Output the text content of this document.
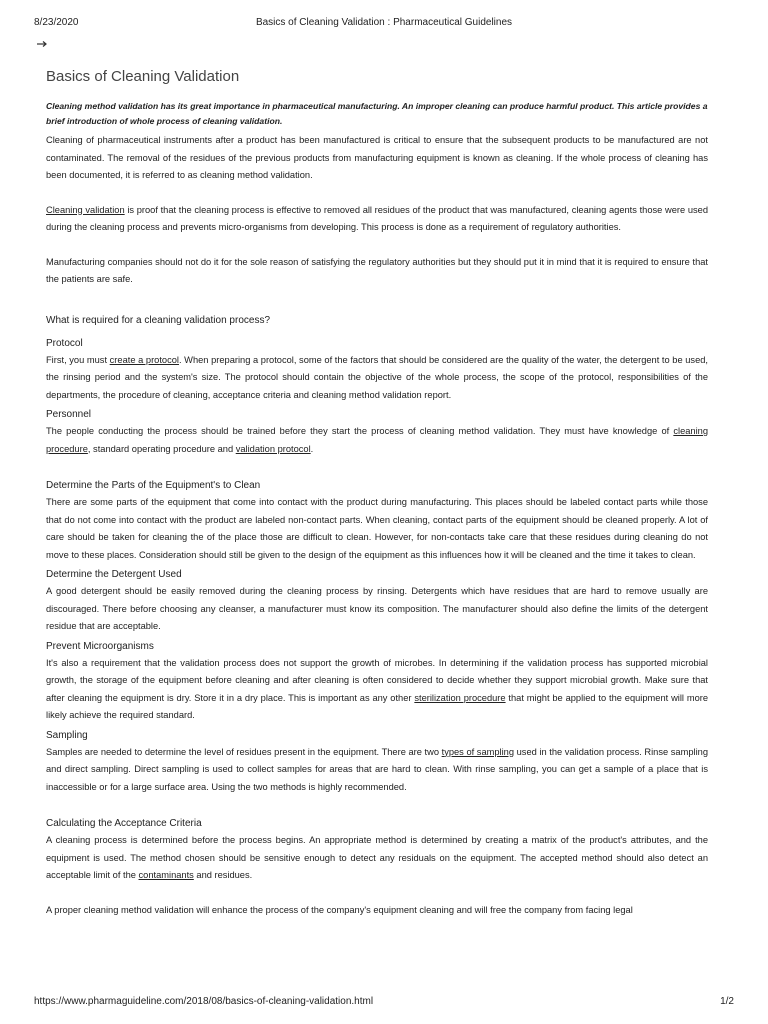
8/23/2020	Basics of Cleaning Validation : Pharmaceutical Guidelines
Basics of Cleaning Validation

Cleaning method validation has its great importance in pharmaceutical manufacturing. An improper cleaning can produce harmful product. This article provides a brief introduction of whole process of cleaning validation.

Cleaning of pharmaceutical instruments after a product has been manufactured is critical to ensure that the subsequent products to be manufactured are not contaminated. The removal of the residues of the previous products from manufacturing equipment is known as cleaning. If the whole process of cleaning has been documented, it is referred to as cleaning method validation.

Cleaning validation is proof that the cleaning process is effective to removed all residues of the product that was manufactured, cleaning agents those were used during the cleaning process and prevents micro-organisms from developing. This process is done as a requirement of regulatory authorities.

Manufacturing companies should not do it for the sole reason of satisfying the regulatory authorities but they should put it in mind that it is required to ensure that the patients are safe.

What is required for a cleaning validation process?

Protocol

First, you must create a protocol. When preparing a protocol, some of the factors that should be considered are the quality of the water, the detergent to be used, the rinsing period and the system's size. The protocol should contain the objective of the whole process, the scope of the protocol, responsibilities of the departments, the procedure of cleaning, acceptance criteria and cleaning method validation report.

Personnel

The people conducting the process should be trained before they start the process of cleaning method validation. They must have knowledge of cleaning procedure, standard operating procedure and validation protocol.

Determine the Parts of the Equipment's to Clean

There are some parts of the equipment that come into contact with the product during manufacturing. This places should be labeled contact parts while those that do not come into contact with the product are labeled non-contact parts. When cleaning, contact parts of the equipment should be cleaned properly. A lot of care should be taken for cleaning the of the place those are difficult to clean. However, for non-contacts take care that these residues during cleaning do not move to these places. Consideration should still be given to the design of the equipment as this influences how it will be cleaned and the time it takes to clean.

Determine the Detergent Used

A good detergent should be easily removed during the cleaning process by rinsing. Detergents which have residues that are hard to remove usually are discouraged. There before choosing any cleanser, a manufacturer must know its composition. The manufacturer should also define the limits of the detergent residue that are acceptable.

Prevent Microorganisms

It's also a requirement that the validation process does not support the growth of microbes. In determining if the validation process has supported microbial growth, the storage of the equipment before cleaning and after cleaning is often considered to decide whether they support microbial growth. Make sure that after cleaning the equipment is dry. Store it in a dry place. This is important as any other sterilization procedure that might be applied to the equipment will more likely achieve the required standard.

Sampling

Samples are needed to determine the level of residues present in the equipment. There are two types of sampling used in the validation process. Rinse sampling and direct sampling. Direct sampling is used to collect samples for areas that are hard to clean. With rinse sampling, you can get a sample of a place that is inaccessible or for a large surface area. Using the two methods is highly recommended.

Calculating the Acceptance Criteria

A cleaning process is determined before the process begins. An appropriate method is determined by creating a matrix of the product's attributes, and the equipment is used. The method chosen should be sensitive enough to detect any residuals on the equipment. The accepted method should also detect an acceptable limit of the contaminants and residues.

A proper cleaning method validation will enhance the process of the company's equipment cleaning and will free the company from facing legal

https://www.pharmaguideline.com/2018/08/basics-of-cleaning-validation.html	1/2
